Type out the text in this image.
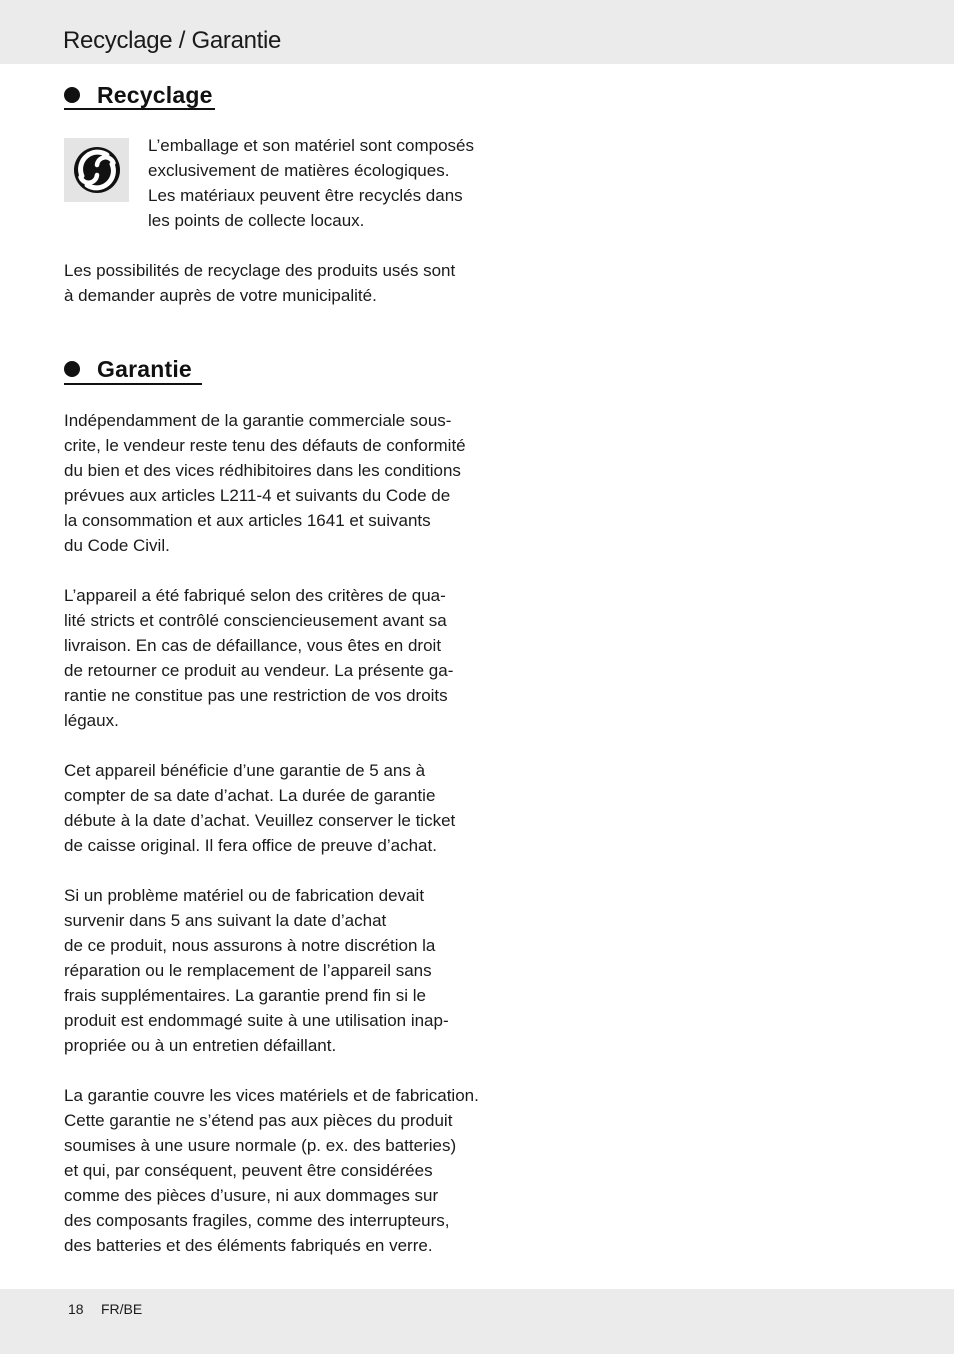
Recyclage / Garantie
Recyclage
L’emballage et son matériel sont composés
exclusivement de matières écologiques.
Les matériaux peuvent être recyclés dans
les points de collecte locaux.
Les possibilités de recyclage des produits usés sont
à demander auprès de votre municipalité.
Garantie
Indépendamment de la garantie commerciale sous-
crite, le vendeur reste tenu des défauts de conformité
du bien et des vices rédhibitoires dans les conditions
prévues aux articles L211-4 et suivants du Code de
la consommation et aux articles 1641 et suivants
du Code Civil.
L’appareil a été fabriqué selon des critères de qua-
lité stricts et contrôlé consciencieusement avant sa
livraison. En cas de défaillance, vous êtes en droit
de retourner ce produit au vendeur. La présente ga-
rantie ne constitue pas une restriction de vos droits
légaux.
Cet appareil bénéficie d’une garantie de 5 ans à
compter de sa date d’achat. La durée de garantie
débute à la date d’achat. Veuillez conserver le ticket
de caisse original. Il fera office de preuve d’achat.
Si un problème matériel ou de fabrication devait
survenir dans 5 ans suivant la date d’achat
de ce produit, nous assurons à notre discrétion la
réparation ou le remplacement de l’appareil sans
frais supplémentaires. La garantie prend fin si le
produit est endommagé suite à une utilisation inap-
propriée ou à un entretien défaillant.
La garantie couvre les vices matériels et de fabrication.
Cette garantie ne s’étend pas aux pièces du produit
soumises à une usure normale (p. ex. des batteries)
et qui, par conséquent, peuvent être considérées
comme des pièces d’usure, ni aux dommages sur
des composants fragiles, comme des interrupteurs,
des batteries et des éléments fabriqués en verre.
18 FR/BE
